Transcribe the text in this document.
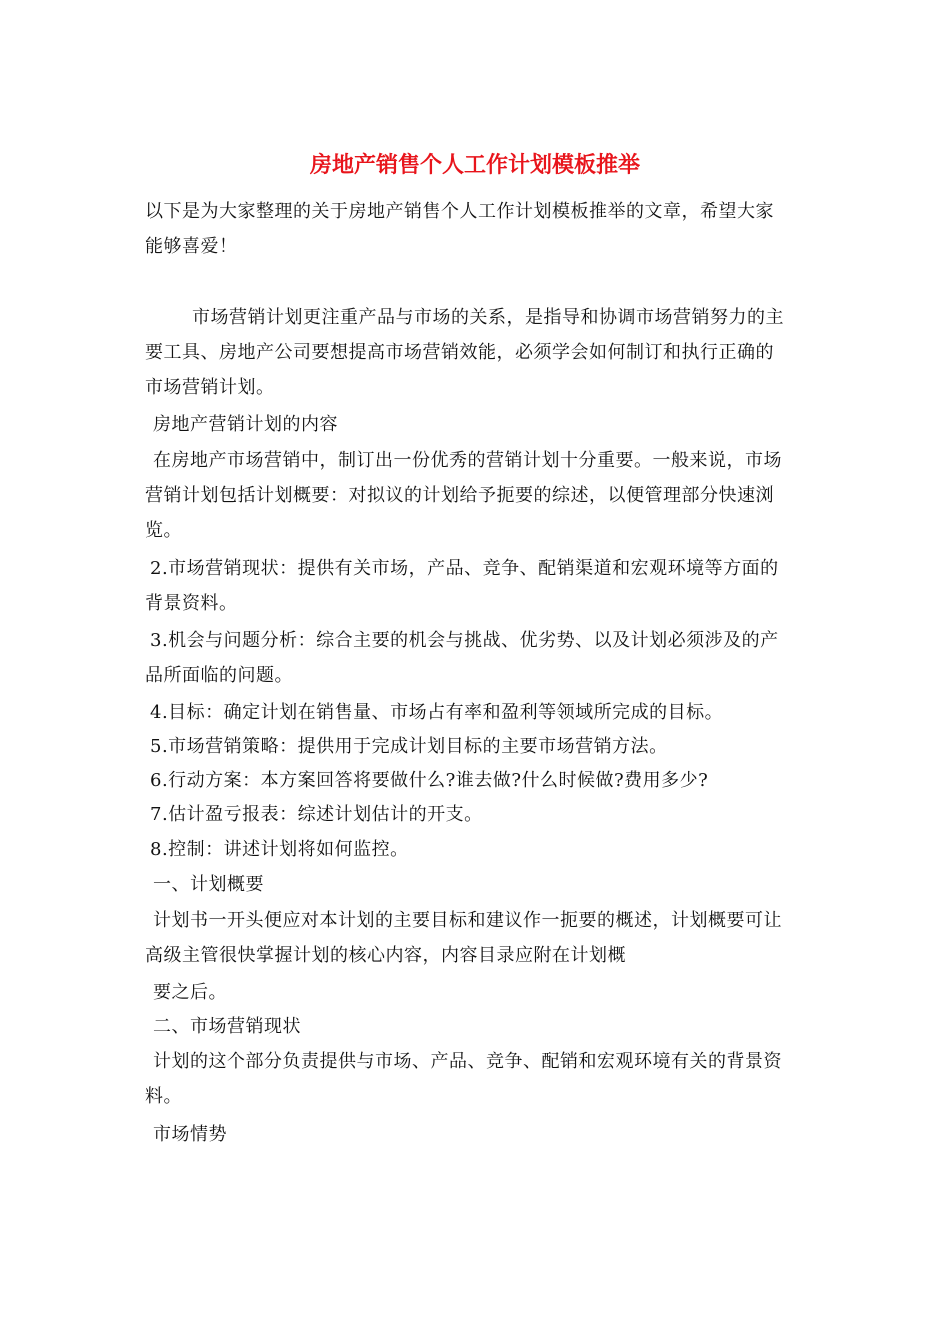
房地产销售个人工作计划模板推举
以下是为大家整理的关于房地产销售个人工作计划模板推举的文章，希望大家
能够喜爱！
市场营销计划更注重产品与市场的关系，是指导和协调市场营销努力的主
要工具、房地产公司要想提高市场营销效能，必须学会如何制订和执行正确的
市场营销计划。
房地产营销计划的内容
在房地产市场营销中，制订出一份优秀的营销计划十分重要。一般来说，市场
营销计划包括计划概要：对拟议的计划给予扼要的综述，以便管理部分快速浏
览。
2.市场营销现状：提供有关市场，产品、竞争、配销渠道和宏观环境等方面的
背景资料。
3.机会与问题分析：综合主要的机会与挑战、优劣势、以及计划必须涉及的产
品所面临的问题。
4.目标：确定计划在销售量、市场占有率和盈利等领域所完成的目标。
5.市场营销策略：提供用于完成计划目标的主要市场营销方法。
6.行动方案：本方案回答将要做什么?谁去做?什么时候做?费用多少?
7.估计盈亏报表：综述计划估计的开支。
8.控制：讲述计划将如何监控。
一、计划概要
计划书一开头便应对本计划的主要目标和建议作一扼要的概述，计划概要可让
高级主管很快掌握计划的核心内容，内容目录应附在计划概
要之后。
二、市场营销现状
计划的这个部分负责提供与市场、产品、竞争、配销和宏观环境有关的背景资
料。
市场情势
